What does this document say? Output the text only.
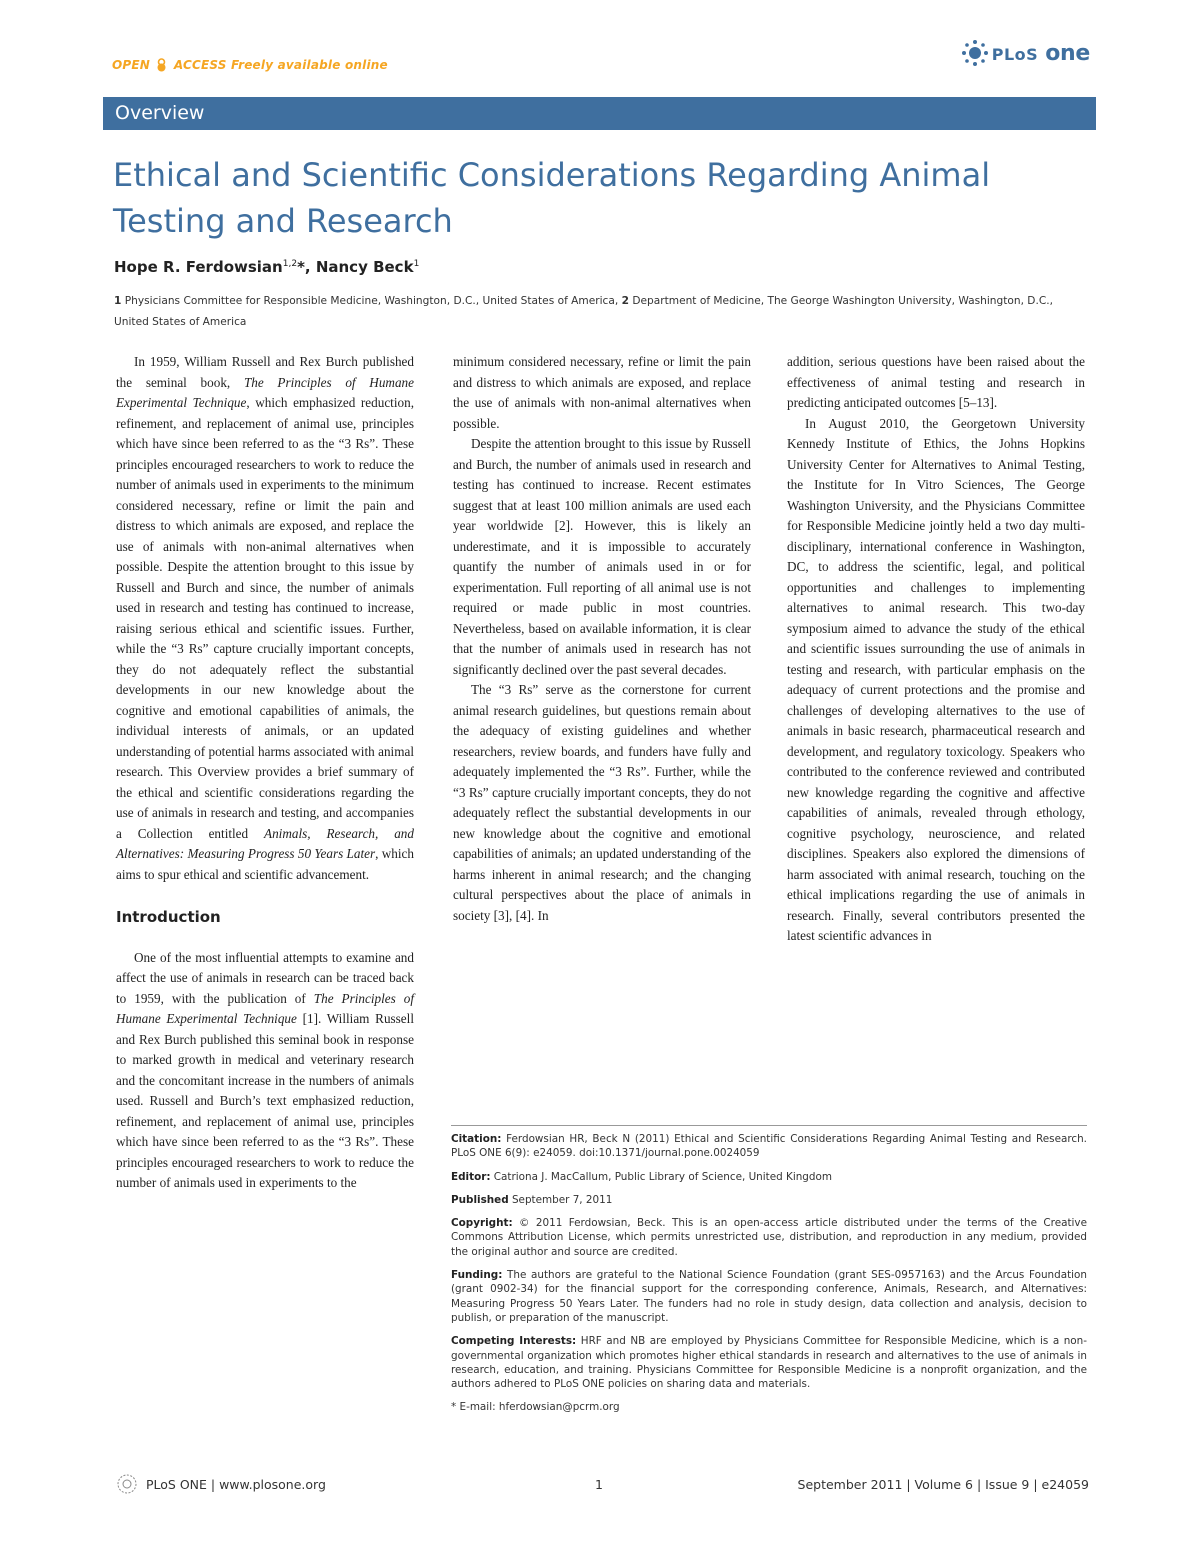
OPEN ACCESS Freely available online
PLoS one
Overview
Ethical and Scientific Considerations Regarding Animal Testing and Research
Hope R. Ferdowsian$^{1,2}$*, Nancy Beck$^1$
1 Physicians Committee for Responsible Medicine, Washington, D.C., United States of America, 2 Department of Medicine, The George Washington University, Washington, D.C., United States of America

In 1959, William Russell and Rex Burch published the seminal book, The Principles of Humane Experimental Technique, which emphasized reduction, refinement, and replacement of animal use, principles which have since been referred to as the “3 Rs”. These principles encouraged researchers to work to reduce the number of animals used in experiments to the minimum considered necessary, refine or limit the pain and distress to which animals are exposed, and replace the use of animals with non-animal alternatives when possible. Despite the attention brought to this issue by Russell and Burch and since, the number of animals used in research and testing has continued to increase, raising serious ethical and scientific issues. Further, while the “3 Rs” capture crucially important concepts, they do not adequately reflect the substantial developments in our new knowledge about the cognitive and emotional capabilities of animals, the individual interests of animals, or an updated understanding of potential harms associated with animal research. This Overview provides a brief summary of the ethical and scientific considerations regarding the use of animals in research and testing, and accompanies a Collection entitled Animals, Research, and Alternatives: Measuring Progress 50 Years Later, which aims to spur ethical and scientific advancement.

Introduction

One of the most influential attempts to examine and affect the use of animals in research can be traced back to 1959, with the publication of The Principles of Humane Experimental Technique [1]. William Russell and Rex Burch published this seminal book in response to marked growth in medical and veterinary research and the concomitant increase in the numbers of animals used. Russell and Burch’s text emphasized reduction, refinement, and replacement of animal use, principles which have since been referred to as the “3 Rs”. These principles encouraged researchers to work to reduce the number of animals used in experiments to the

minimum considered necessary, refine or limit the pain and distress to which animals are exposed, and replace the use of animals with non-animal alternatives when possible.

Despite the attention brought to this issue by Russell and Burch, the number of animals used in research and testing has continued to increase. Recent estimates suggest that at least 100 million animals are used each year worldwide [2]. However, this is likely an underestimate, and it is impossible to accurately quantify the number of animals used in or for experimentation. Full reporting of all animal use is not required or made public in most countries. Nevertheless, based on available information, it is clear that the number of animals used in research has not significantly declined over the past several decades.

The “3 Rs” serve as the cornerstone for current animal research guidelines, but questions remain about the adequacy of existing guidelines and whether researchers, review boards, and funders have fully and adequately implemented the “3 Rs”. Further, while the “3 Rs” capture crucially important concepts, they do not adequately reflect the substantial developments in our new knowledge about the cognitive and emotional capabilities of animals; an updated understanding of the harms inherent in animal research; and the changing cultural perspectives about the place of animals in society [3], [4]. In

addition, serious questions have been raised about the effectiveness of animal testing and research in predicting anticipated outcomes [5–13].

In August 2010, the Georgetown University Kennedy Institute of Ethics, the Johns Hopkins University Center for Alternatives to Animal Testing, the Institute for In Vitro Sciences, The George Washington University, and the Physicians Committee for Responsible Medicine jointly held a two day multi-disciplinary, international conference in Washington, DC, to address the scientific, legal, and political opportunities and challenges to implementing alternatives to animal research. This two-day symposium aimed to advance the study of the ethical and scientific issues surrounding the use of animals in testing and research, with particular emphasis on the adequacy of current protections and the promise and challenges of developing alternatives to the use of animals in basic research, pharmaceutical research and development, and regulatory toxicology. Speakers who contributed to the conference reviewed and contributed new knowledge regarding the cognitive and affective capabilities of animals, revealed through ethology, cognitive psychology, neuroscience, and related disciplines. Speakers also explored the dimensions of harm associated with animal research, touching on the ethical implications regarding the use of animals in research. Finally, several contributors presented the latest scientific advances in

Citation: Ferdowsian HR, Beck N (2011) Ethical and Scientific Considerations Regarding Animal Testing and Research. PLoS ONE 6(9): e24059. doi:10.1371/journal.pone.0024059

Editor: Catriona J. MacCallum, Public Library of Science, United Kingdom

Published September 7, 2011

Copyright: © 2011 Ferdowsian, Beck. This is an open-access article distributed under the terms of the Creative Commons Attribution License, which permits unrestricted use, distribution, and reproduction in any medium, provided the original author and source are credited.

Funding: The authors are grateful to the National Science Foundation (grant SES-0957163) and the Arcus Foundation (grant 0902-34) for the financial support for the corresponding conference, Animals, Research, and Alternatives: Measuring Progress 50 Years Later. The funders had no role in study design, data collection and analysis, decision to publish, or preparation of the manuscript.

Competing Interests: HRF and NB are employed by Physicians Committee for Responsible Medicine, which is a non-governmental organization which promotes higher ethical standards in research and alternatives to the use of animals in research, education, and training. Physicians Committee for Responsible Medicine is a nonprofit organization, and the authors adhered to PLoS ONE policies on sharing data and materials.

* E-mail: hferdowsian@pcrm.org

PLoS ONE | www.plosone.org	1	September 2011 | Volume 6 | Issue 9 | e24059
